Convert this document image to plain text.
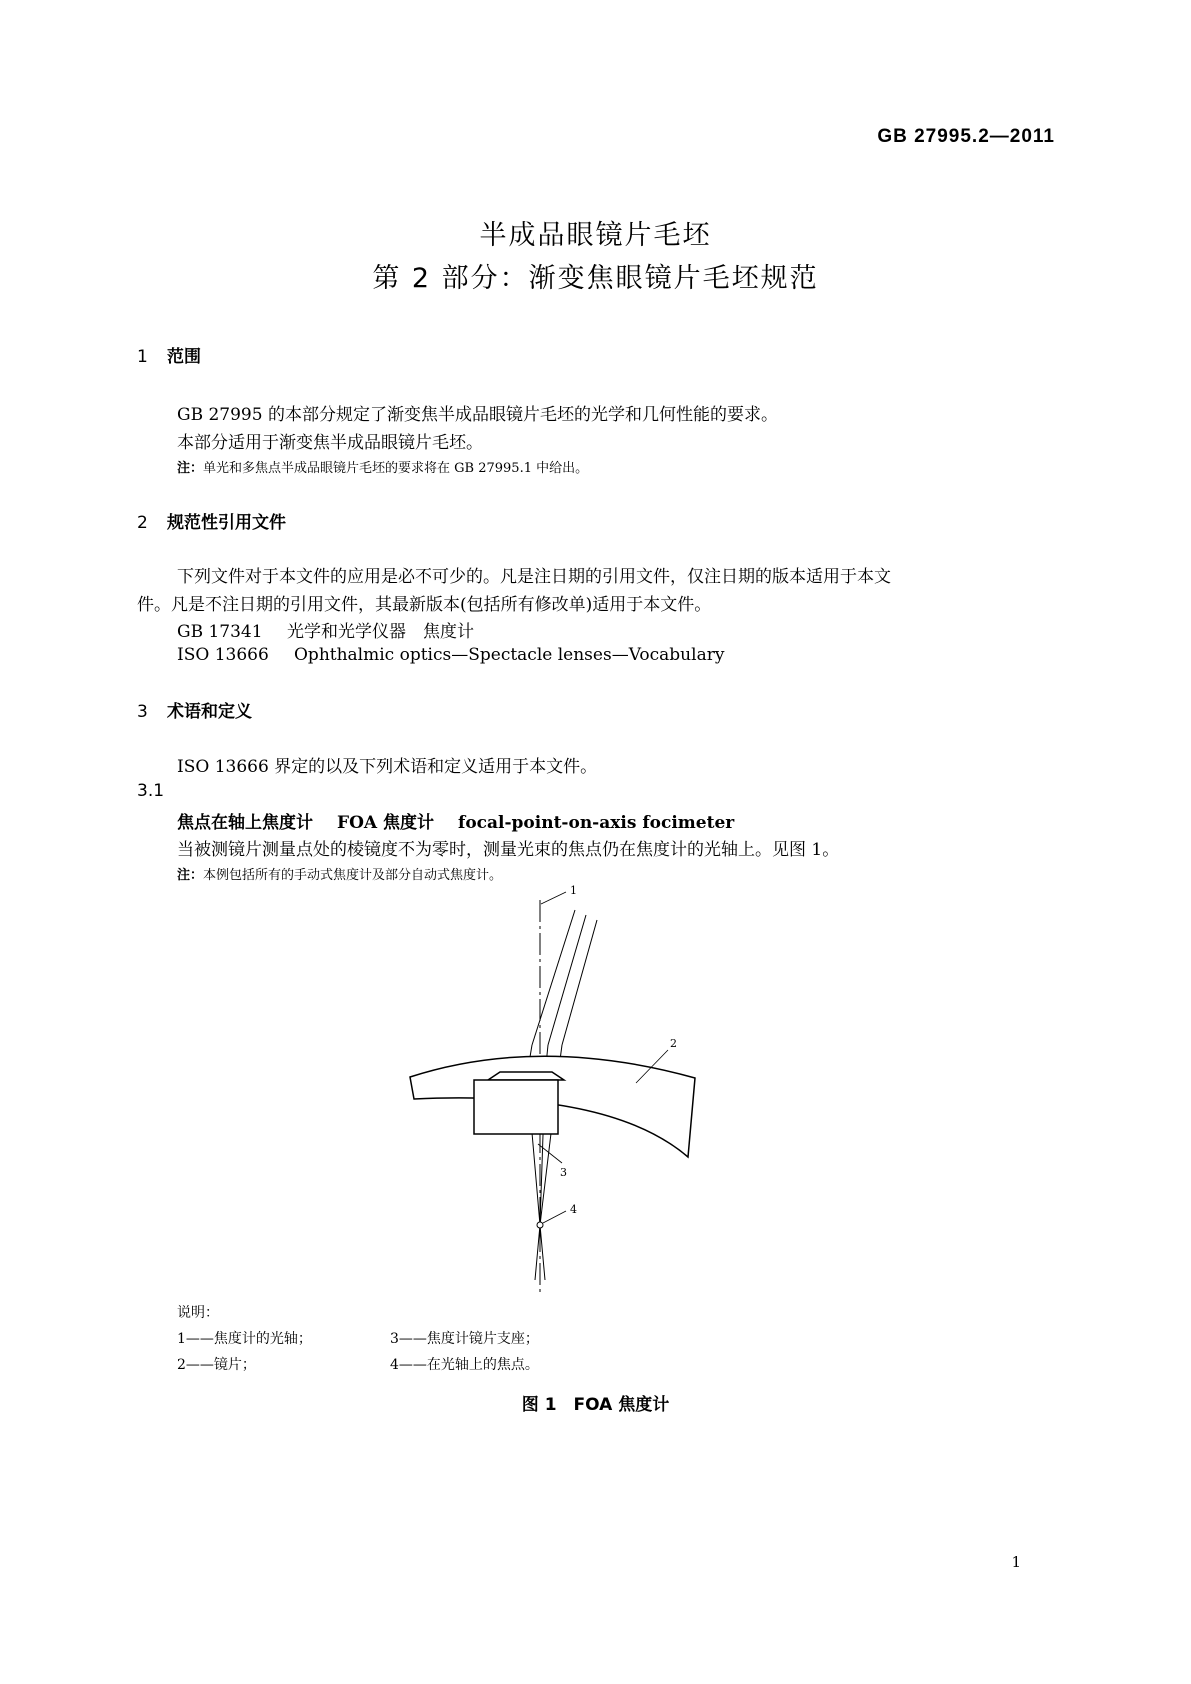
GB 27995.2—2011
半成品眼镜片毛坯
第 2 部分：渐变焦眼镜片毛坯规范
1 范围
GB 27995 的本部分规定了渐变焦半成品眼镜片毛坯的光学和几何性能的要求。
本部分适用于渐变焦半成品眼镜片毛坯。
注：单光和多焦点半成品眼镜片毛坯的要求将在 GB 27995.1 中给出。
2 规范性引用文件
下列文件对于本文件的应用是必不可少的。凡是注日期的引用文件，仅注日期的版本适用于本文
件。凡是不注日期的引用文件，其最新版本(包括所有修改单)适用于本文件。
GB 17341 光学和光学仪器　焦度计
ISO 13666 Ophthalmic optics—Spectacle lenses—Vocabulary
3 术语和定义
ISO 13666 界定的以及下列术语和定义适用于本文件。
3.1
焦点在轴上焦度计 FOA 焦度计 focal-point-on-axis focimeter
当被测镜片测量点处的棱镜度不为零时，测量光束的焦点仍在焦度计的光轴上。见图 1。
注：本例包括所有的手动式焦度计及部分自动式焦度计。
1
2
3
4
说明：
1——焦度计的光轴；
2——镜片；
3——焦度计镜片支座；
4——在光轴上的焦点。
图 1　FOA 焦度计
1
